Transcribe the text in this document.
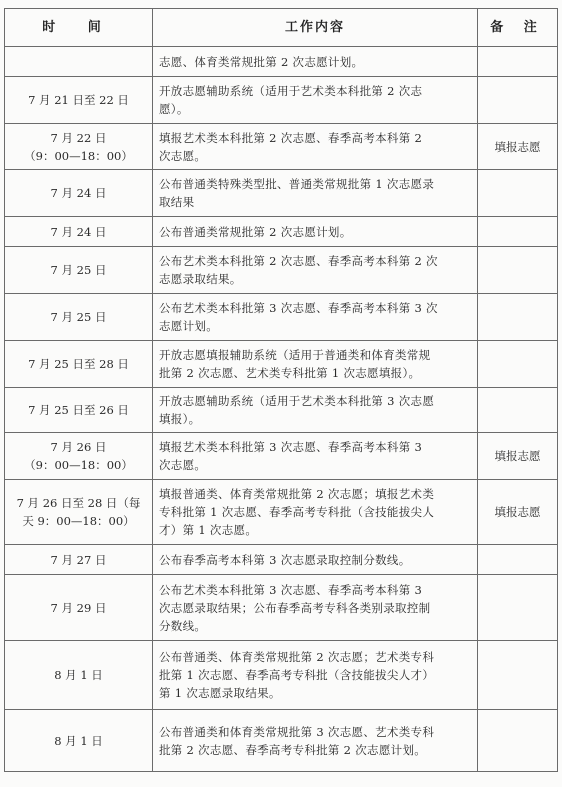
时 间	工作内容	备 注

	志愿、体育类常规批第 2 次志愿计划。	

7 月 21 日至 22 日	开放志愿辅助系统（适用于艺术类本科批第 2 次志
愿）。	

7 月 22 日
（9：00—18：00）	填报艺术类本科批第 2 次志愿、春季高考本科第 2
次志愿。	填报志愿

7 月 24 日	公布普通类特殊类型批、普通类常规批第 1 次志愿录
取结果	

7 月 24 日	公布普通类常规批第 2 次志愿计划。	

7 月 25 日	公布艺术类本科批第 2 次志愿、春季高考本科第 2 次
志愿录取结果。	

7 月 25 日	公布艺术类本科批第 3 次志愿、春季高考本科第 3 次
志愿计划。	

7 月 25 日至 28 日	开放志愿填报辅助系统（适用于普通类和体育类常规
批第 2 次志愿、艺术类专科批第 1 次志愿填报）。	

7 月 25 日至 26 日	开放志愿辅助系统（适用于艺术类本科批第 3 次志愿
填报）。	

7 月 26 日
（9：00—18：00）	填报艺术类本科批第 3 次志愿、春季高考本科第 3
次志愿。	填报志愿

7 月 26 日至 28 日（每
天 9：00—18：00）	填报普通类、体育类常规批第 2 次志愿；填报艺术类
专科批第 1 次志愿、春季高考专科批（含技能拔尖人
才）第 1 次志愿。	填报志愿

7 月 27 日	公布春季高考本科第 3 次志愿录取控制分数线。	

7 月 29 日	公布艺术类本科批第 3 次志愿、春季高考本科第 3
次志愿录取结果；公布春季高考专科各类别录取控制
分数线。	

8 月 1 日	公布普通类、体育类常规批第 2 次志愿；艺术类专科
批第 1 次志愿、春季高考专科批（含技能拔尖人才）
第 1 次志愿录取结果。	

8 月 1 日	公布普通类和体育类常规批第 3 次志愿、艺术类专科
批第 2 次志愿、春季高考专科批第 2 次志愿计划。	
